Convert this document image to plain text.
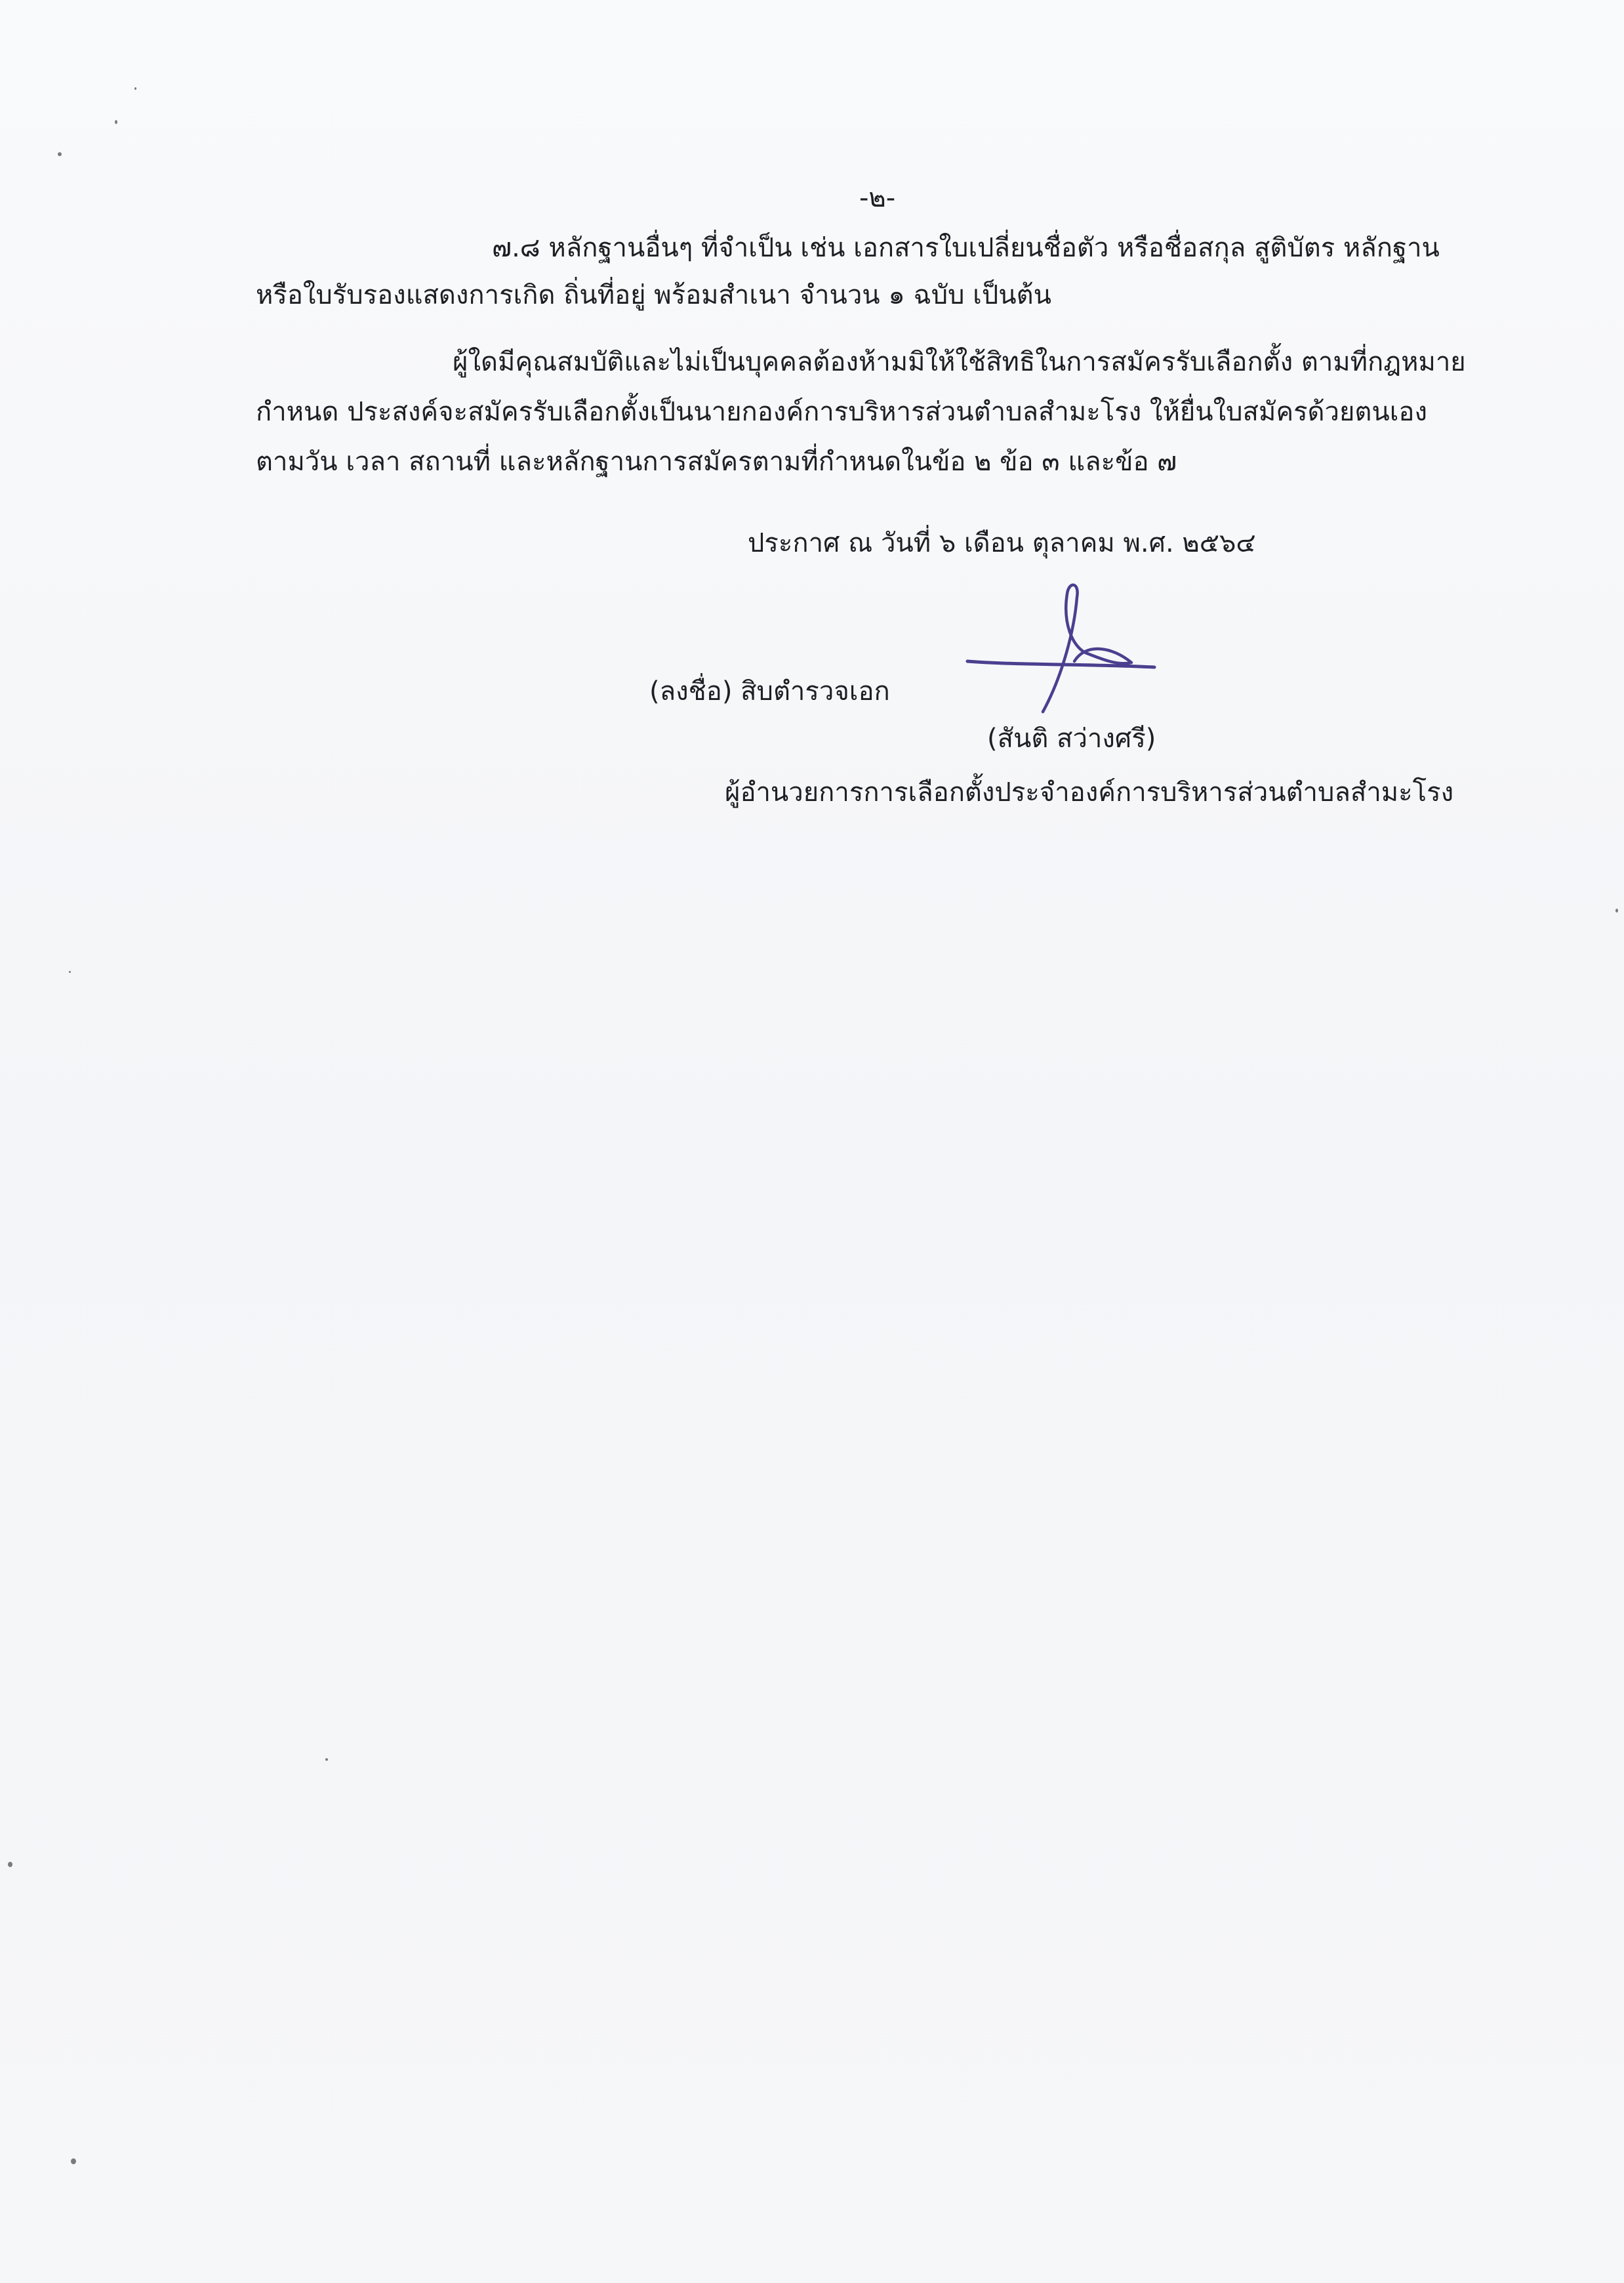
-๒-
๗.๘ หลักฐานอื่นๆ ที่จำเป็น เช่น เอกสารใบเปลี่ยนชื่อตัว หรือชื่อสกุล สูติบัตร หลักฐาน
หรือใบรับรองแสดงการเกิด ถิ่นที่อยู่ พร้อมสำเนา จำนวน ๑ ฉบับ เป็นต้น
ผู้ใดมีคุณสมบัติและไม่เป็นบุคคลต้องห้ามมิให้ใช้สิทธิในการสมัครรับเลือกตั้ง ตามที่กฎหมาย
กำหนด ประสงค์จะสมัครรับเลือกตั้งเป็นนายกองค์การบริหารส่วนตำบลสำมะโรง ให้ยื่นใบสมัครด้วยตนเอง
ตามวัน เวลา สถานที่ และหลักฐานการสมัครตามที่กำหนดในข้อ ๒ ข้อ ๓ และข้อ ๗
ประกาศ ณ วันที่ ๖ เดือน ตุลาคม พ.ศ. ๒๕๖๔
(ลงชื่อ) สิบตำรวจเอก
(สันติ สว่างศรี)
ผู้อำนวยการการเลือกตั้งประจำองค์การบริหารส่วนตำบลสำมะโรง
